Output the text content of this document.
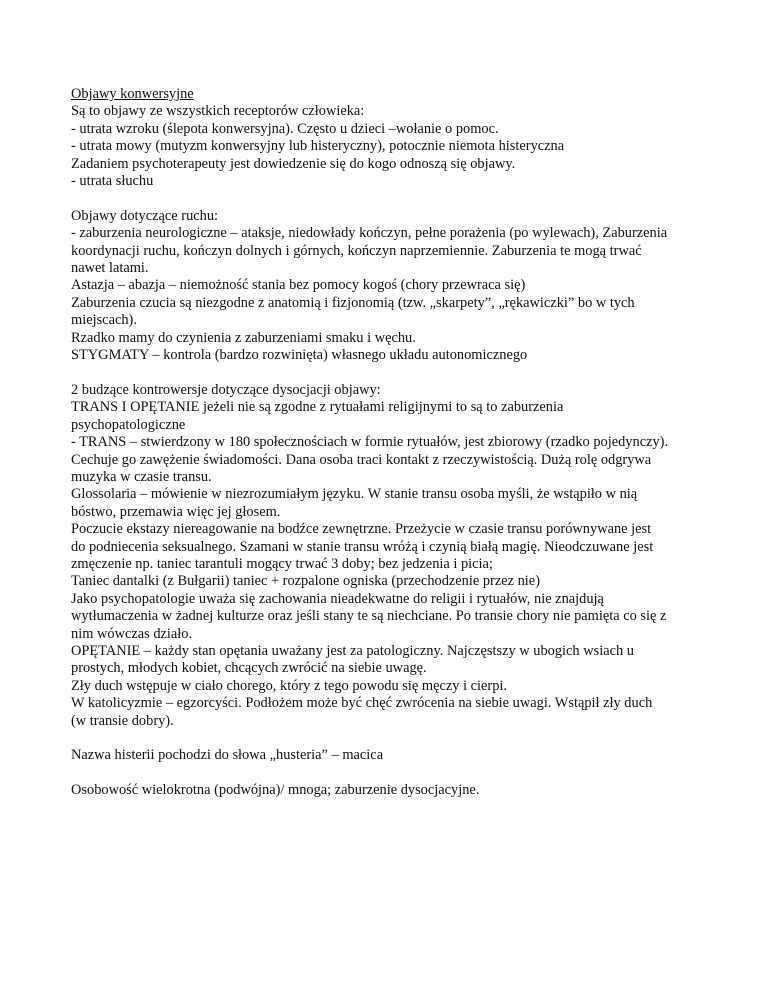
Objawy konwersyjne
Są to objawy ze wszystkich receptorów człowieka:
- utrata wzroku (ślepota konwersyjna). Często u dzieci –wołanie o pomoc.
- utrata mowy (mutyzm konwersyjny lub histeryczny), potocznie niemota histeryczna
Zadaniem psychoterapeuty jest dowiedzenie się do kogo odnoszą się objawy.
- utrata słuchu
Objawy dotyczące ruchu:
- zaburzenia neurologiczne – ataksje, niedowłady kończyn, pełne porażenia (po wylewach), Zaburzenia
koordynacji ruchu, kończyn dolnych i górnych, kończyn naprzemiennie. Zaburzenia te mogą trwać
nawet latami.
Astazja – abazja – niemożność stania bez pomocy kogoś (chory przewraca się)
Zaburzenia czucia są niezgodne z anatomią i fizjonomią (tzw. „skarpety”, „rękawiczki” bo w tych
miejscach).
Rzadko mamy do czynienia z zaburzeniami smaku i węchu.
STYGMATY – kontrola (bardzo rozwinięta) własnego układu autonomicznego
2 budzące kontrowersje dotyczące dysocjacji objawy:
TRANS I OPĘTANIE jeżeli nie są zgodne z rytuałami religijnymi to są to zaburzenia
psychopatologiczne
- TRANS – stwierdzony w 180 społecznościach w formie rytuałów, jest zbiorowy (rzadko pojedynczy).
Cechuje go zawężenie świadomości. Dana osoba traci kontakt z rzeczywistością. Dużą rolę odgrywa
muzyka w czasie transu.
Glossolaria – mówienie w niezrozumiałym języku. W stanie transu osoba myśli, że wstąpiło w nią
bóstwo, przemawia więc jej głosem.
Poczucie ekstazy niereagowanie na bodźce zewnętrzne. Przeżycie w czasie transu porównywane jest
do podniecenia seksualnego. Szamani w stanie transu wróżą i czynią białą magię. Nieodczuwane jest
zmęczenie np. taniec tarantuli mogący trwać 3 doby; bez jedzenia i picia;
Taniec dantalki (z Bułgarii) taniec + rozpalone ogniska (przechodzenie przez nie)
Jako psychopatologie uważa się zachowania nieadekwatne do religii i rytuałów, nie znajdują
wytłumaczenia w żadnej kulturze oraz jeśli stany te są niechciane. Po transie chory nie pamięta co się z
nim wówczas działo.
OPĘTANIE – każdy stan opętania uważany jest za patologiczny. Najczęstszy w ubogich wsiach u
prostych, młodych kobiet, chcących zwrócić na siebie uwagę.
Zły duch wstępuje w ciało chorego, który z tego powodu się męczy i cierpi.
W katolicyzmie – egzorcyści. Podłożem może być chęć zwrócenia na siebie uwagi. Wstąpił zły duch
(w transie dobry).
Nazwa histerii pochodzi do słowa „husteria” – macica
Osobowość wielokrotna (podwójna)/ mnoga; zaburzenie dysocjacyjne.
